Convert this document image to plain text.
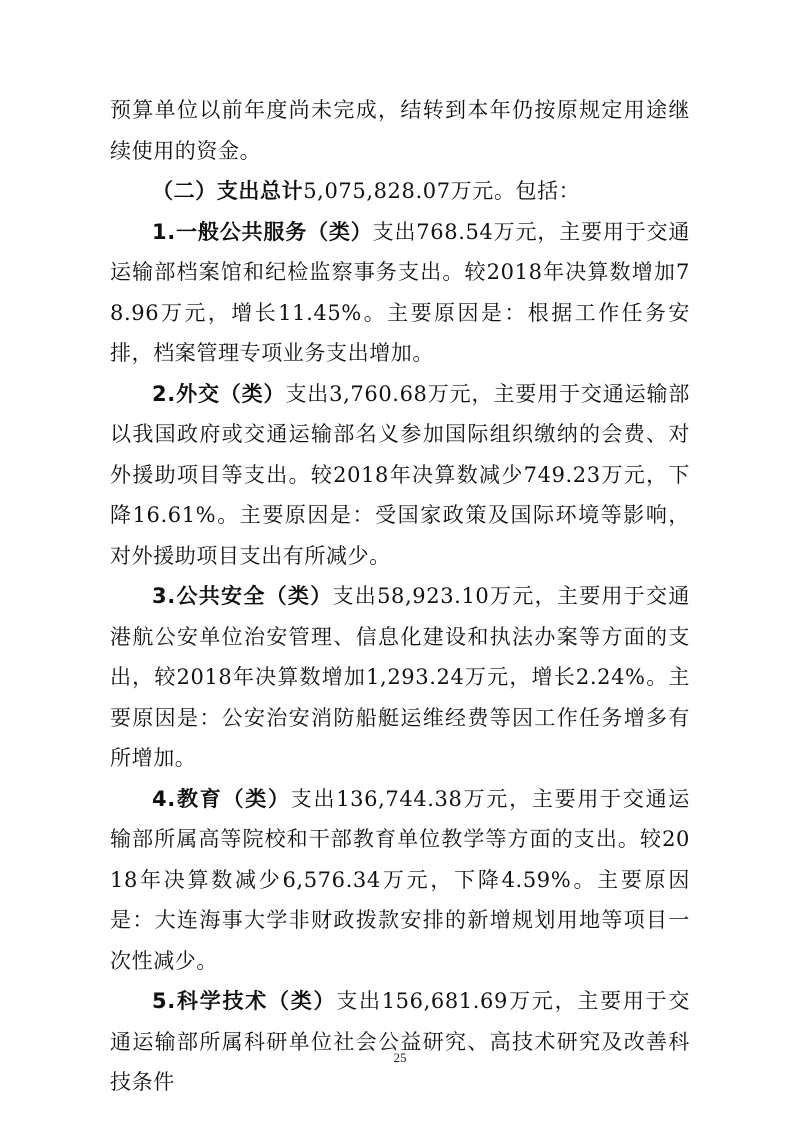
预算单位以前年度尚未完成，结转到本年仍按原规定用途继续使用的资金。

（二）支出总计5,075,828.07万元。包括：

1.一般公共服务（类）支出768.54万元，主要用于交通运输部档案馆和纪检监察事务支出。较2018年决算数增加78.96万元，增长11.45%。主要原因是：根据工作任务安排，档案管理专项业务支出增加。

2.外交（类）支出3,760.68万元，主要用于交通运输部以我国政府或交通运输部名义参加国际组织缴纳的会费、对外援助项目等支出。较2018年决算数减少749.23万元，下降16.61%。主要原因是：受国家政策及国际环境等影响，对外援助项目支出有所减少。

3.公共安全（类）支出58,923.10万元，主要用于交通港航公安单位治安管理、信息化建设和执法办案等方面的支出，较2018年决算数增加1,293.24万元，增长2.24%。主要原因是：公安治安消防船艇运维经费等因工作任务增多有所增加。

4.教育（类）支出136,744.38万元，主要用于交通运输部所属高等院校和干部教育单位教学等方面的支出。较2018年决算数减少6,576.34万元，下降4.59%。主要原因是：大连海事大学非财政拨款安排的新增规划用地等项目一次性减少。

5.科学技术（类）支出156,681.69万元，主要用于交通运输部所属科研单位社会公益研究、高技术研究及改善科技条件

25
